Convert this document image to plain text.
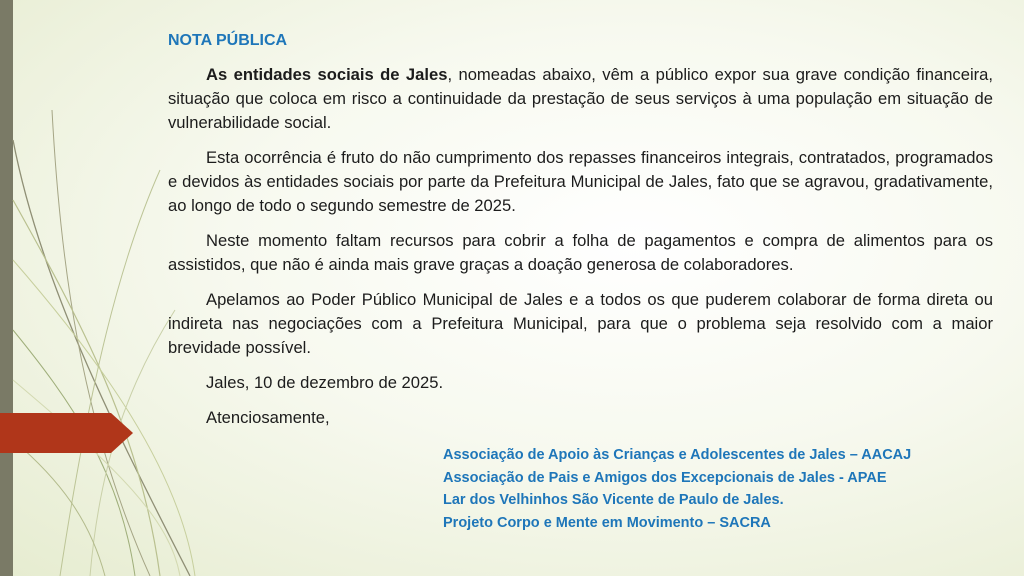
NOTA PÚBLICA

As entidades sociais de Jales, nomeadas abaixo, vêm a público expor sua grave condição financeira, situação que coloca em risco a continuidade da prestação de seus serviços à uma população em situação de vulnerabilidade social.

Esta ocorrência é fruto do não cumprimento dos repasses financeiros integrais, contratados, programados e devidos às entidades sociais por parte da Prefeitura Municipal de Jales, fato que se agravou, gradativamente, ao longo de todo o segundo semestre de 2025.

Neste momento faltam recursos para cobrir a folha de pagamentos e compra de alimentos para os assistidos, que não é ainda mais grave graças a doação generosa de colaboradores.

Apelamos ao Poder Público Municipal de Jales e a todos os que puderem colaborar de forma direta ou indireta nas negociações com a Prefeitura Municipal, para que o problema seja resolvido com a maior brevidade possível.

Jales, 10 de dezembro de 2025.

Atenciosamente,

Associação de Apoio às Crianças e Adolescentes de Jales – AACAJ
Associação de Pais e Amigos dos Excepcionais de Jales - APAE
Lar dos Velhinhos São Vicente de Paulo de Jales.
Projeto Corpo e Mente em Movimento – SACRA
